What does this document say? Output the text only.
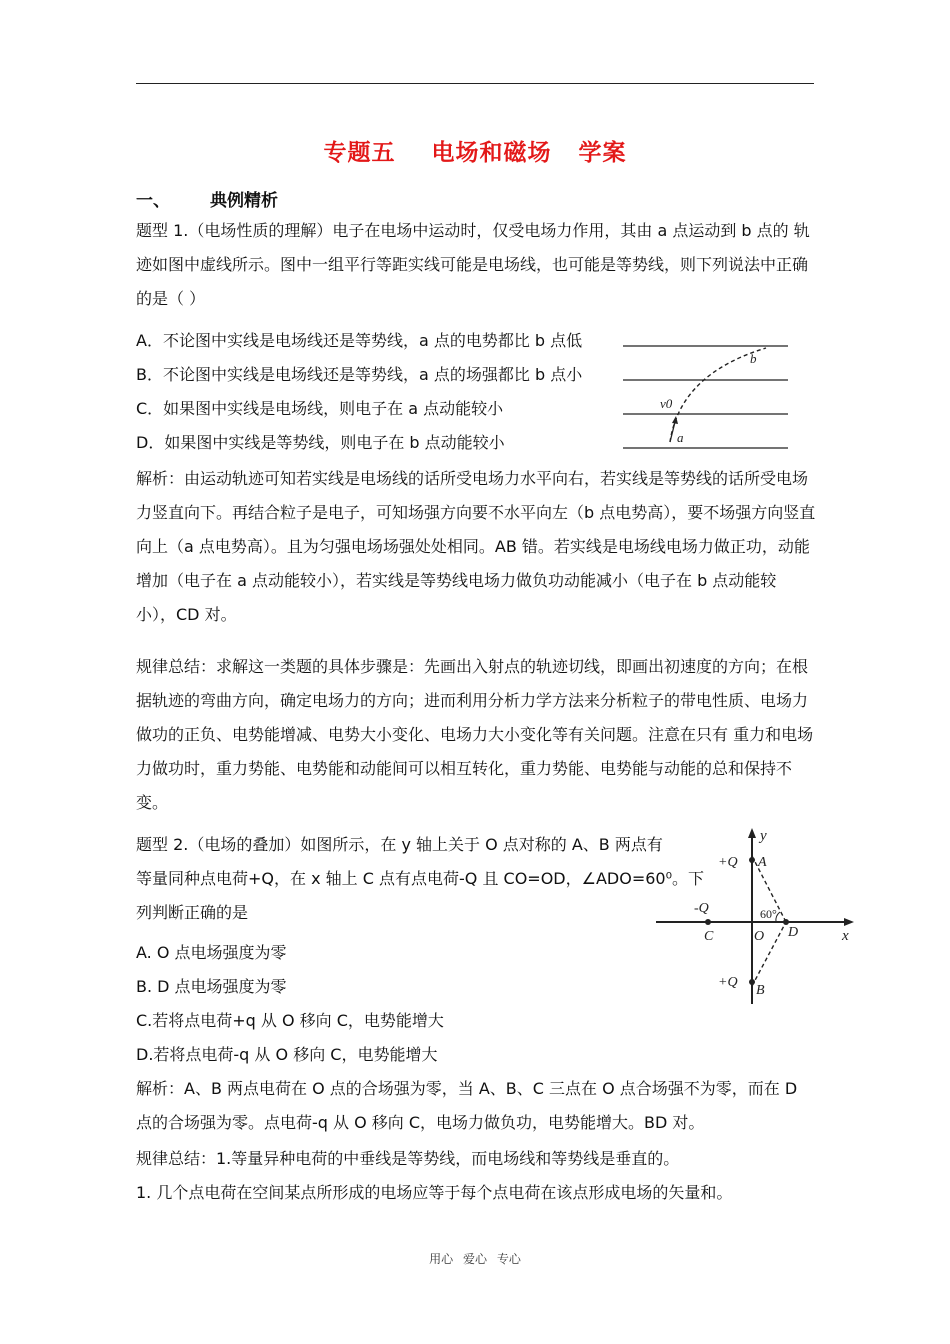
专题五    电场和磁场   学案
一、 典例精析

题型 1.（电场性质的理解）电子在电场中运动时，仅受电场力作用，其由 a 点运动到 b 点的 轨迹如图中虚线所示。图中一组平行等距实线可能是电场线，也可能是等势线，则下列说法中正确的是（ ）

A．不论图中实线是电场线还是等势线，a 点的电势都比 b 点低
B．不论图中实线是电场线还是等势线，a 点的场强都比 b 点小
C．如果图中实线是电场线，则电子在 a 点动能较小
D．如果图中实线是等势线，则电子在 b 点动能较小
b
v0
a

解析：由运动轨迹可知若实线是电场线的话所受电场力水平向右，若实线是等势线的话所受电场力竖直向下。再结合粒子是电子，可知场强方向要不水平向左（b 点电势高），要不场强方向竖直向上（a 点电势高）。且为匀强电场场强处处相同。AB 错。若实线是电场线电场力做正功，动能增加（电子在 a 点动能较小），若实线是等势线电场力做负功动能减小（电子在 b 点动能较小），CD 对。

规律总结：求解这一类题的具体步骤是：先画出入射点的轨迹切线，即画出初速度的方向；在根据轨迹的弯曲方向，确定电场力的方向；进而利用分析力学方法来分析粒子的带电性质、电场力做功的正负、电势能增减、电势大小变化、电场力大小变化等有关问题。注意在只有 重力和电场力做功时，重力势能、电势能和动能间可以相互转化，重力势能、电势能与动能的总和保持不变。

题型 2.（电场的叠加）如图所示，在 y 轴上关于 O 点对称的 A、B 两点有
等量同种点电荷+Q，在 x 轴上 C 点有点电荷-Q 且 CO=OD，∠ADO=60⁰。下
列判断正确的是
A. O 点电场强度为零
B. D 点电场强度为零
C.若将点电荷+q 从 O 移向 C，电势能增大
D.若将点电荷-q 从 O 移向 C，电势能增大
y
x
+Q A
-Q	60°
C	O D
+Q
B

解析：A、B 两点电荷在 O 点的合场强为零，当 A、B、C 三点在 O 点合场强不为零，而在 D 点的合场强为零。点电荷-q 从 O 移向 C，电场力做负功，电势能增大。BD 对。

规律总结：1.等量异种电荷的中垂线是等势线，而电场线和等势线是垂直的。
1. 几个点电荷在空间某点所形成的电场应等于每个点电荷在该点形成电场的矢量和。
用心 爱心 专心
